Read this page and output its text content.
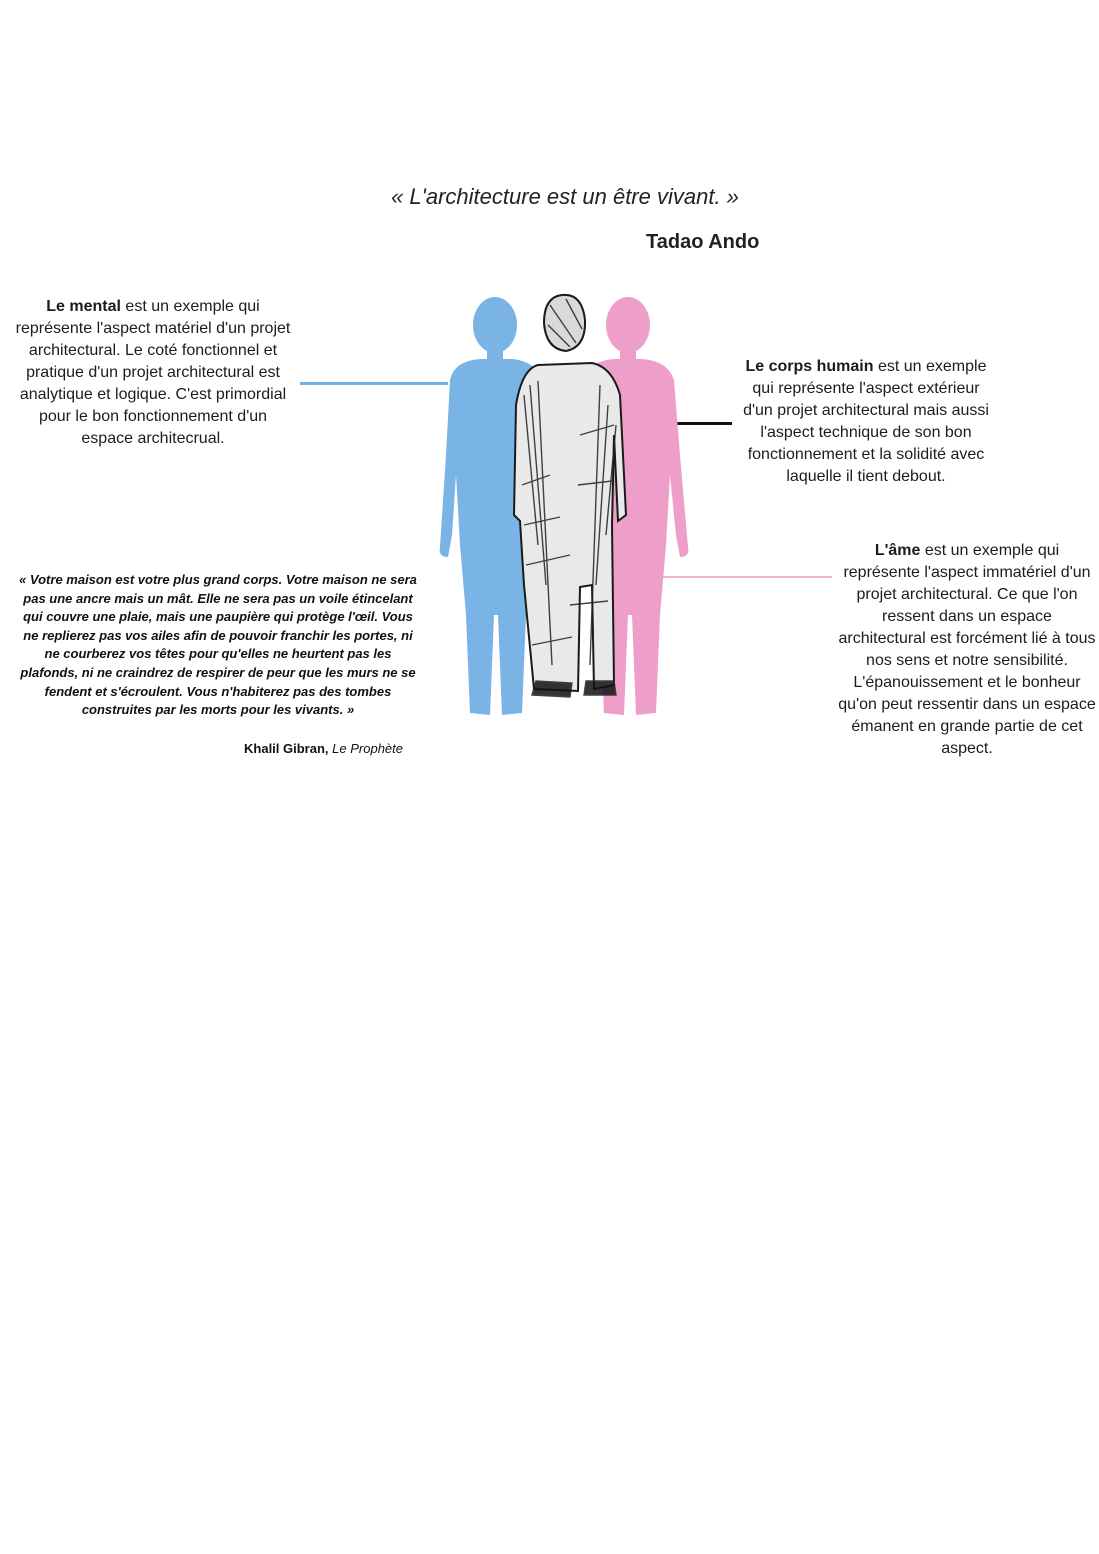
« L'architecture est un être vivant. »
Tadao Ando
Le mental est un exemple qui représente l'aspect matériel d'un projet architectural. Le coté fonctionnel et pratique d'un projet architectural est analytique et logique. C'est primordial pour le bon fonctionnement d'un espace architecrual.
Le corps humain est un exemple qui représente l'aspect extérieur d'un projet architectural mais aussi l'aspect technique de son bon fonctionnement et la solidité avec laquelle il tient debout.
L'âme est un exemple qui représente l'aspect immatériel d'un projet architectural. Ce que l'on ressent dans un espace architectural est forcément lié à tous nos sens et notre sensibilité. L'épanouissement et le bonheur qu'on peut ressentir dans un espace émanent en grande partie de cet aspect.
« Votre maison est votre plus grand corps. Votre maison ne sera pas une ancre mais un mât. Elle ne sera pas un voile étincelant qui couvre une plaie, mais une paupière qui protège l'œil. Vous ne replierez pas vos ailes afin de pouvoir franchir les portes, ni ne courberez vos têtes pour qu'elles ne heurtent pas les plafonds, ni ne craindrez de respirer de peur que les murs ne se fendent et s'écroulent. Vous n'habiterez pas des tombes construites par les morts pour les vivants. »
Khalil Gibran, Le Prophète
